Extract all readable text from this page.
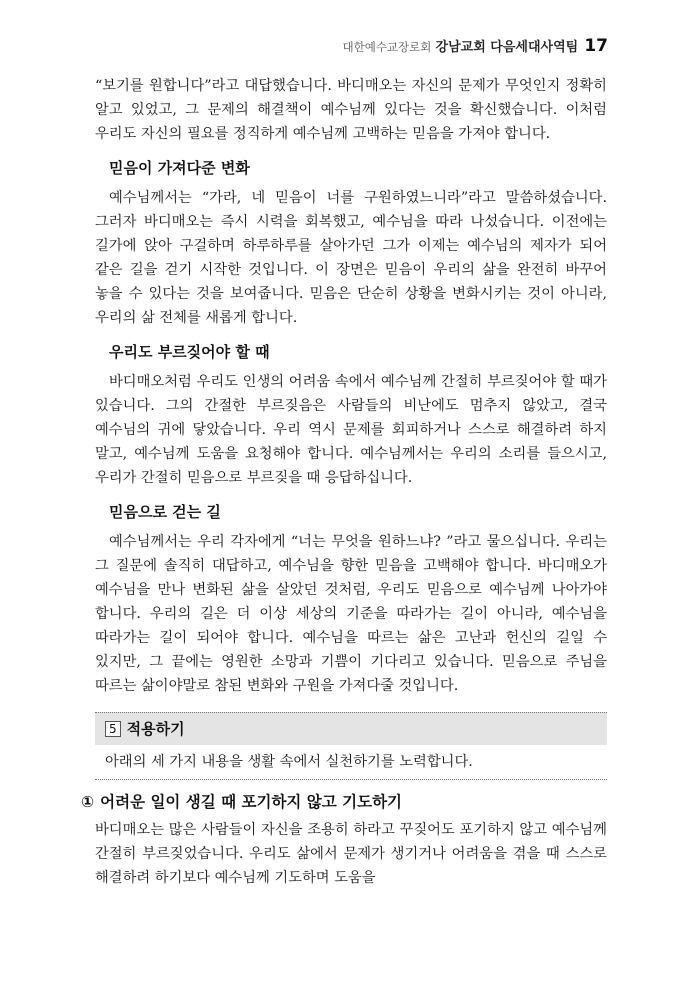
대한예수교장로회 강남교회 다음세대사역팀 17

“보기를 원합니다”라고 대답했습니다. 바디매오는 자신의 문제가 무엇인지 정확히 알고 있었고, 그 문제의 해결책이 예수님께 있다는 것을 확신했습니다. 이처럼 우리도 자신의 필요를 정직하게 예수님께 고백하는 믿음을 가져야 합니다.

믿음이 가져다준 변화

예수님께서는 “가라, 네 믿음이 너를 구원하였느니라”라고 말씀하셨습니다. 그러자 바디매오는 즉시 시력을 회복했고, 예수님을 따라 나섰습니다. 이전에는 길가에 앉아 구걸하며 하루하루를 살아가던 그가 이제는 예수님의 제자가 되어 같은 길을 걷기 시작한 것입니다. 이 장면은 믿음이 우리의 삶을 완전히 바꾸어 놓을 수 있다는 것을 보여줍니다. 믿음은 단순히 상황을 변화시키는 것이 아니라, 우리의 삶 전체를 새롭게 합니다.

우리도 부르짖어야 할 때

바디매오처럼 우리도 인생의 어려움 속에서 예수님께 간절히 부르짖어야 할 때가 있습니다. 그의 간절한 부르짖음은 사람들의 비난에도 멈추지 않았고, 결국 예수님의 귀에 닿았습니다. 우리 역시 문제를 회피하거나 스스로 해결하려 하지 말고, 예수님께 도움을 요청해야 합니다. 예수님께서는 우리의 소리를 들으시고, 우리가 간절히 믿음으로 부르짖을 때 응답하십니다.

믿음으로 걷는 길

예수님께서는 우리 각자에게 “너는 무엇을 원하느냐? ”라고 물으십니다. 우리는 그 질문에 솔직히 대답하고, 예수님을 향한 믿음을 고백해야 합니다. 바디매오가 예수님을 만나 변화된 삶을 살았던 것처럼, 우리도 믿음으로 예수님께 나아가야 합니다. 우리의 길은 더 이상 세상의 기준을 따라가는 길이 아니라, 예수님을 따라가는 길이 되어야 합니다. 예수님을 따르는 삶은 고난과 헌신의 길일 수 있지만, 그 끝에는 영원한 소망과 기쁨이 기다리고 있습니다. 믿음으로 주님을 따르는 삶이야말로 참된 변화와 구원을 가져다줄 것입니다.

5 적용하기
아래의 세 가지 내용을 생활 속에서 실천하기를 노력합니다.
① 어려운 일이 생길 때 포기하지 않고 기도하기

바디매오는 많은 사람들이 자신을 조용히 하라고 꾸짖어도 포기하지 않고 예수님께 간절히 부르짖었습니다. 우리도 삶에서 문제가 생기거나 어려움을 겪을 때 스스로 해결하려 하기보다 예수님께 기도하며 도움을
